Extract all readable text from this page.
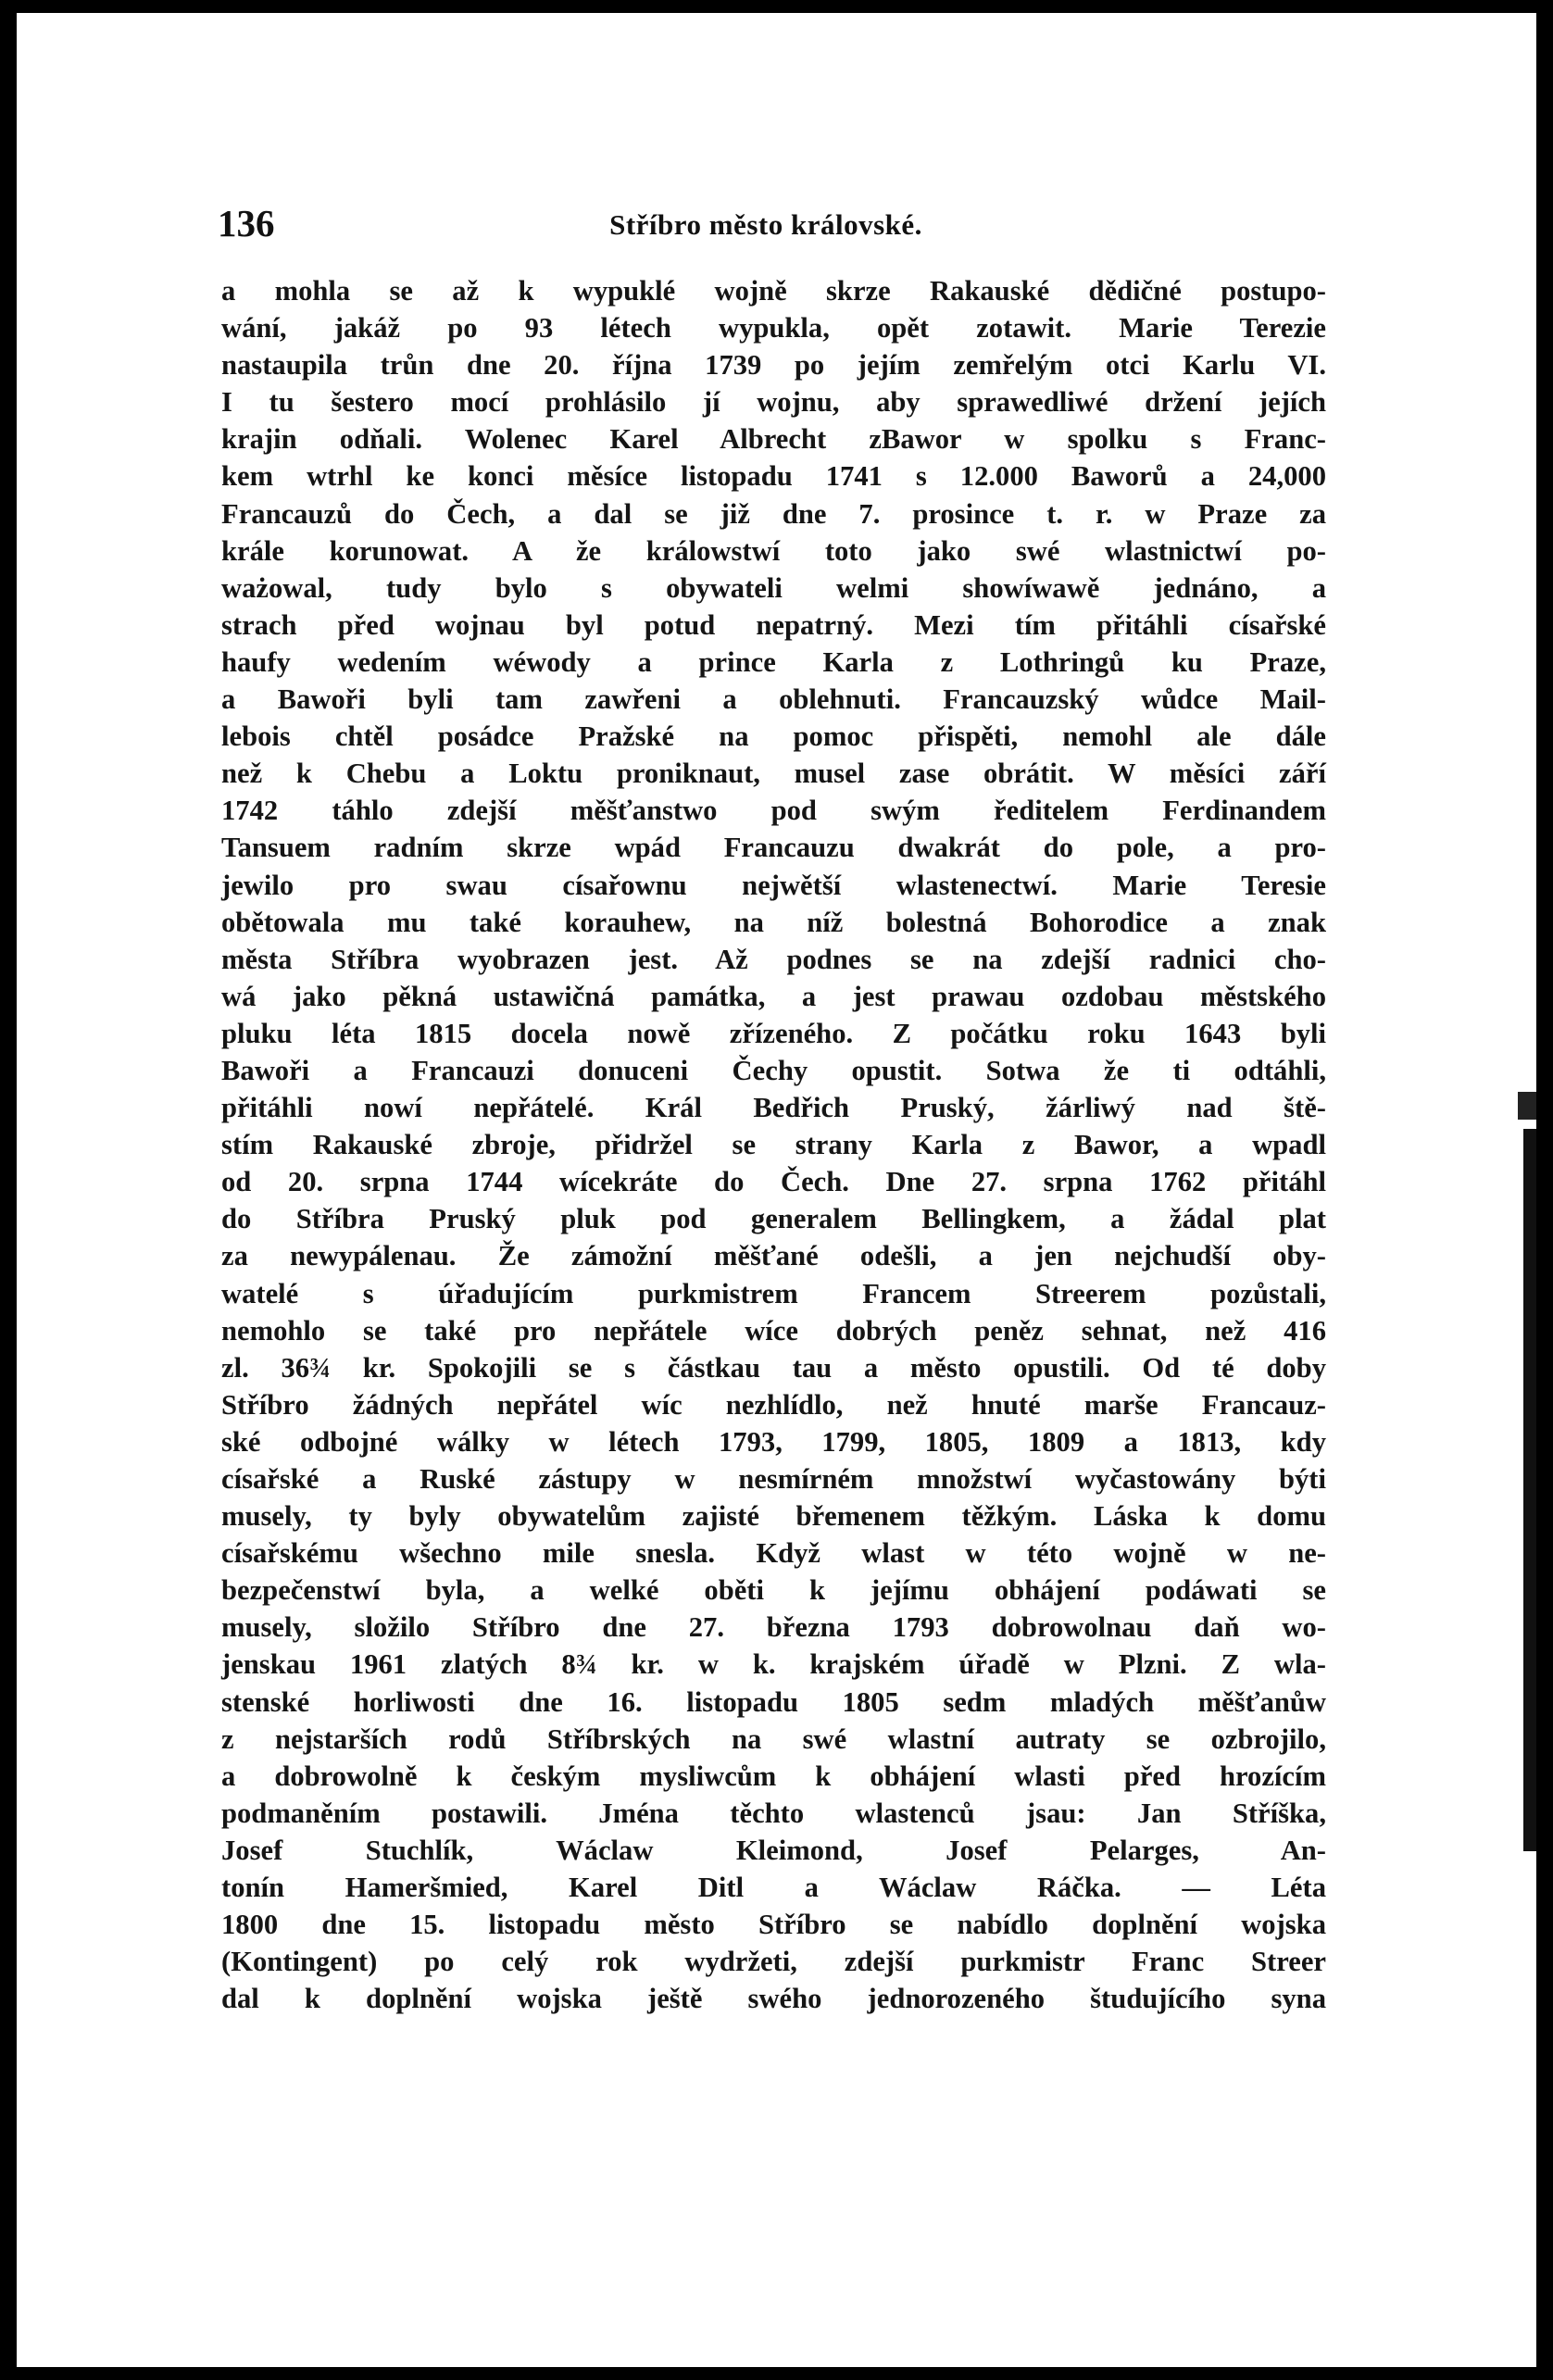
136	Stříbro město královské.
a mohla se až k wypuklé wojně skrze Rakauské dědičné postupo-
wání, jakáž po 93 létech wypukla, opět zotawit. Marie Terezie
nastaupila trůn dne 20. října 1739 po jejím zemřelým otci Karlu VI.
I tu šestero mocí prohlásilo jí wojnu, aby sprawedliwé držení jejích
krajin odňali. Wolenec Karel Albrecht zBawor w spolku s Franc-
kem wtrhl ke konci měsíce listopadu 1741 s 12.000 Baworů a 24,000
Francauzů do Čech, a dal se již dne 7. prosince t. r. w Praze za
krále korunowat. A že králowstwí toto jako swé wlastnictwí po-
ważowal, tudy bylo s obywateli welmi showíwawě jednáno, a
strach před wojnau byl potud nepatrný. Mezi tím přitáhli císařské
haufy wedením wéwody a prince Karla z Lothringů ku Praze,
a Bawoři byli tam zawřeni a oblehnuti. Francauzský wůdce Mail-
lebois chtěl posádce Pražské na pomoc přispěti, nemohl ale dále
než k Chebu a Loktu proniknaut, musel zase obrátit. W měsíci září
1742 táhlo zdejší měšťanstwo pod swým ředitelem Ferdinandem
Tansuem radním skrze wpád Francauzu dwakrát do pole, a pro-
jewilo pro swau císařownu nejwětší wlastenectwí. Marie Teresie
obětowala mu také korauhew, na níž bolestná Bohorodice a znak
města Stříbra wyobrazen jest. Až podnes se na zdejší radnici cho-
wá jako pěkná ustawičná památka, a jest prawau ozdobau městského
pluku léta 1815 docela nowě zřízeného. Z počátku roku 1643 byli
Bawoři a Francauzi donuceni Čechy opustit. Sotwa že ti odtáhli,
přitáhli nowí nepřátelé. Král Bedřich Pruský, žárliwý nad ště-
stím Rakauské zbroje, přidržel se strany Karla z Bawor, a wpadl
od 20. srpna 1744 wícekráte do Čech. Dne 27. srpna 1762 přitáhl
do Stříbra Pruský pluk pod generalem Bellingkem, a žádal plat
za newypálenau. Že zámožní měšťané odešli, a jen nejchudší oby-
watelé s úřadujícím purkmistrem Francem Streerem pozůstali,
nemohlo se také pro nepřátele wíce dobrých peněz sehnat, než 416
zl. 36¾ kr. Spokojili se s částkau tau a město opustili. Od té doby
Stříbro žádných nepřátel wíc nezhlídlo, než hnuté marše Francauz-
ské odbojné wálky w létech 1793, 1799, 1805, 1809 a 1813, kdy
císařské a Ruské zástupy w nesmírném množstwí wyčastowány býti
musely, ty byly obywatelům zajisté břemenem těžkým. Láska k domu
císařskému wšechno mile snesla. Když wlast w této wojně w ne-
bezpečenstwí byla, a welké oběti k jejímu obhájení podáwati se
musely, složilo Stříbro dne 27. března 1793 dobrowolnau daň wo-
jenskau 1961 zlatých 8¾ kr. w k. krajském úřadě w Plzni. Z wla-
stenské horliwosti dne 16. listopadu 1805 sedm mladých měšťanůw
z nejstarších rodů Stříbrských na swé wlastní autraty se ozbrojilo,
a dobrowolně k českým mysliwcům k obhájení wlasti před hrozícím
podmaněním postawili. Jména těchto wlastenců jsau: Jan Stříška,
Josef Stuchlík, Wáclaw Kleimond, Josef Pelarges, An-
tonín Hameršmied, Karel Ditl a Wáclaw Ráčka. — Léta
1800 dne 15. listopadu město Stříbro se nabídlo doplnění wojska
(Kontingent) po celý rok wydržeti, zdejší purkmistr Franc Streer
dal k doplnění wojska ještě swého jednorozeného študujícího syna
